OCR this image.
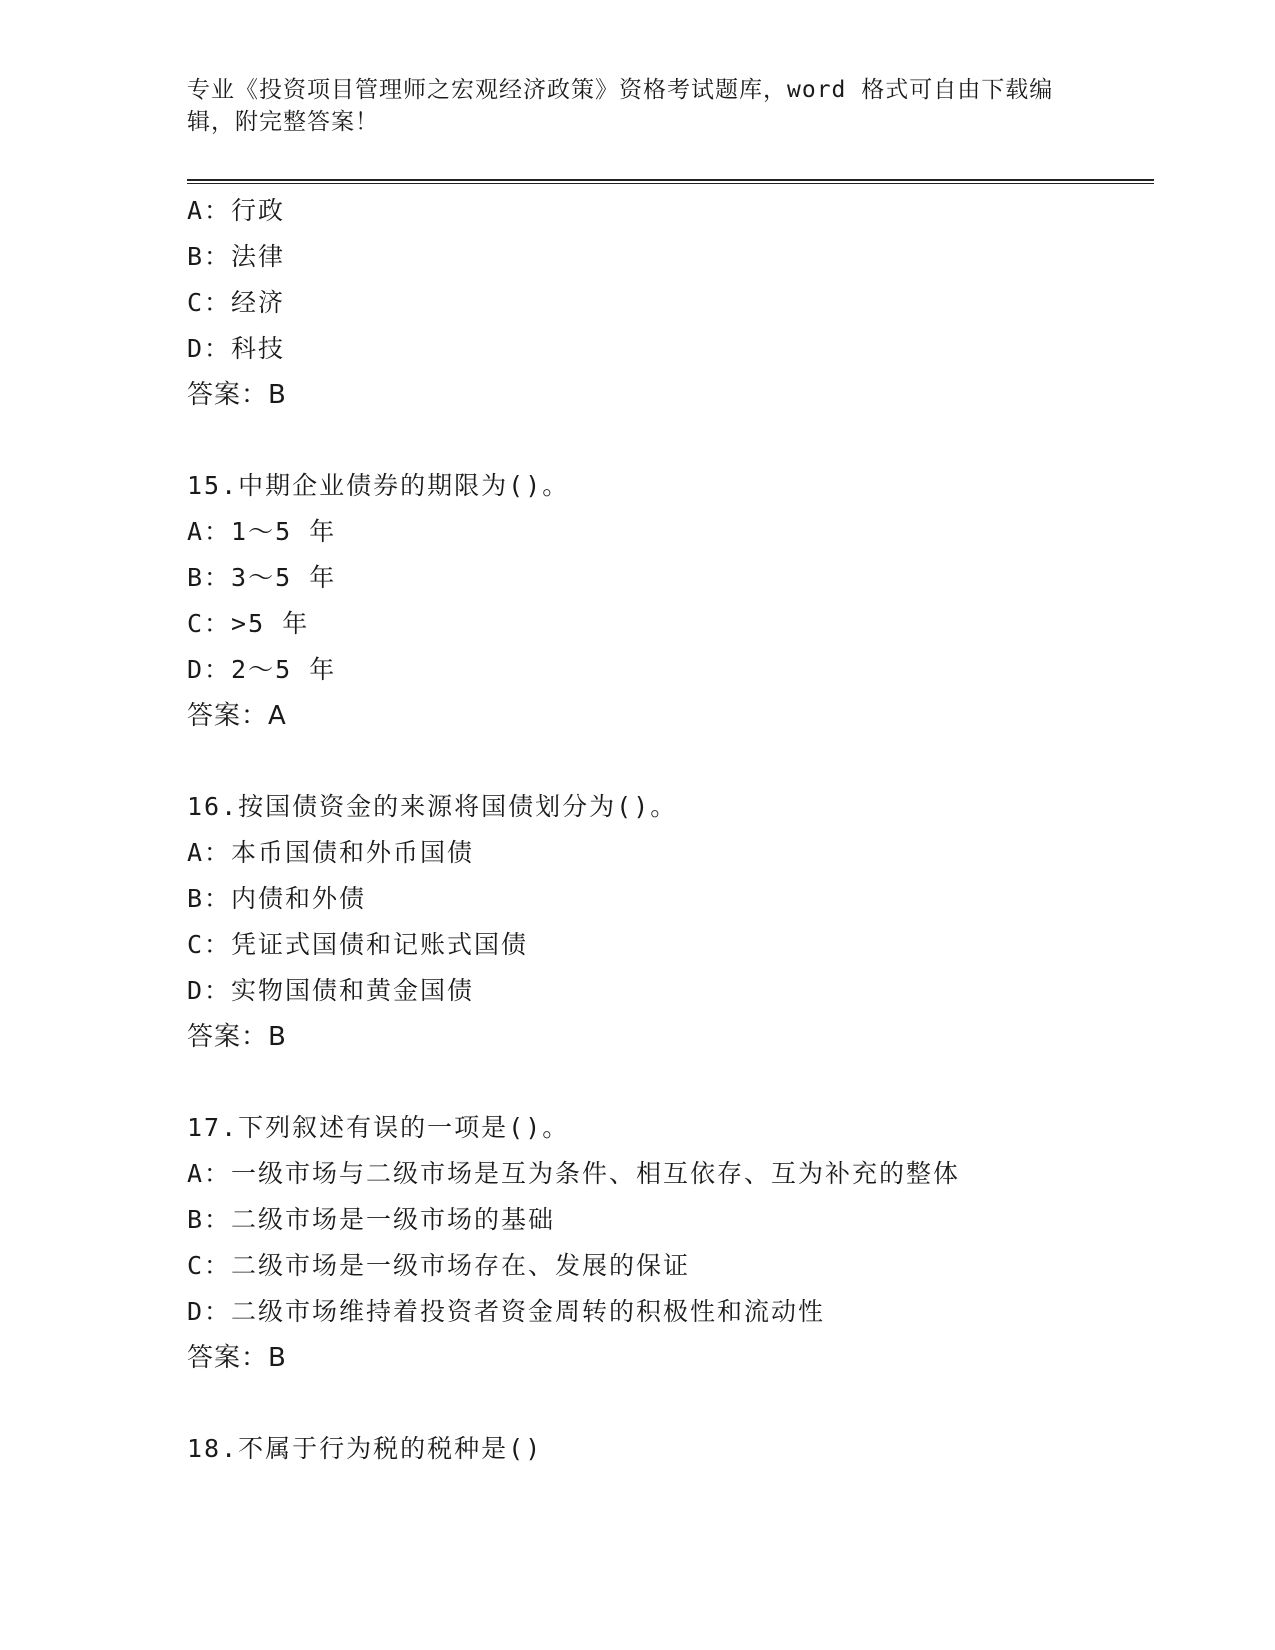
专业《投资项目管理师之宏观经济政策》资格考试题库，word 格式可自由下载编辑，附完整答案！
A：行政
B：法律
C：经济
D：科技
答案：B
15.中期企业债券的期限为()。
A：1～5 年
B：3～5 年
C：>5 年
D：2～5 年
答案：A
16.按国债资金的来源将国债划分为()。
A：本币国债和外币国债
B：内债和外债
C：凭证式国债和记账式国债
D：实物国债和黄金国债
答案：B
17.下列叙述有误的一项是()。
A：一级市场与二级市场是互为条件、相互依存、互为补充的整体
B：二级市场是一级市场的基础
C：二级市场是一级市场存在、发展的保证
D：二级市场维持着投资者资金周转的积极性和流动性
答案：B
18.不属于行为税的税种是()
